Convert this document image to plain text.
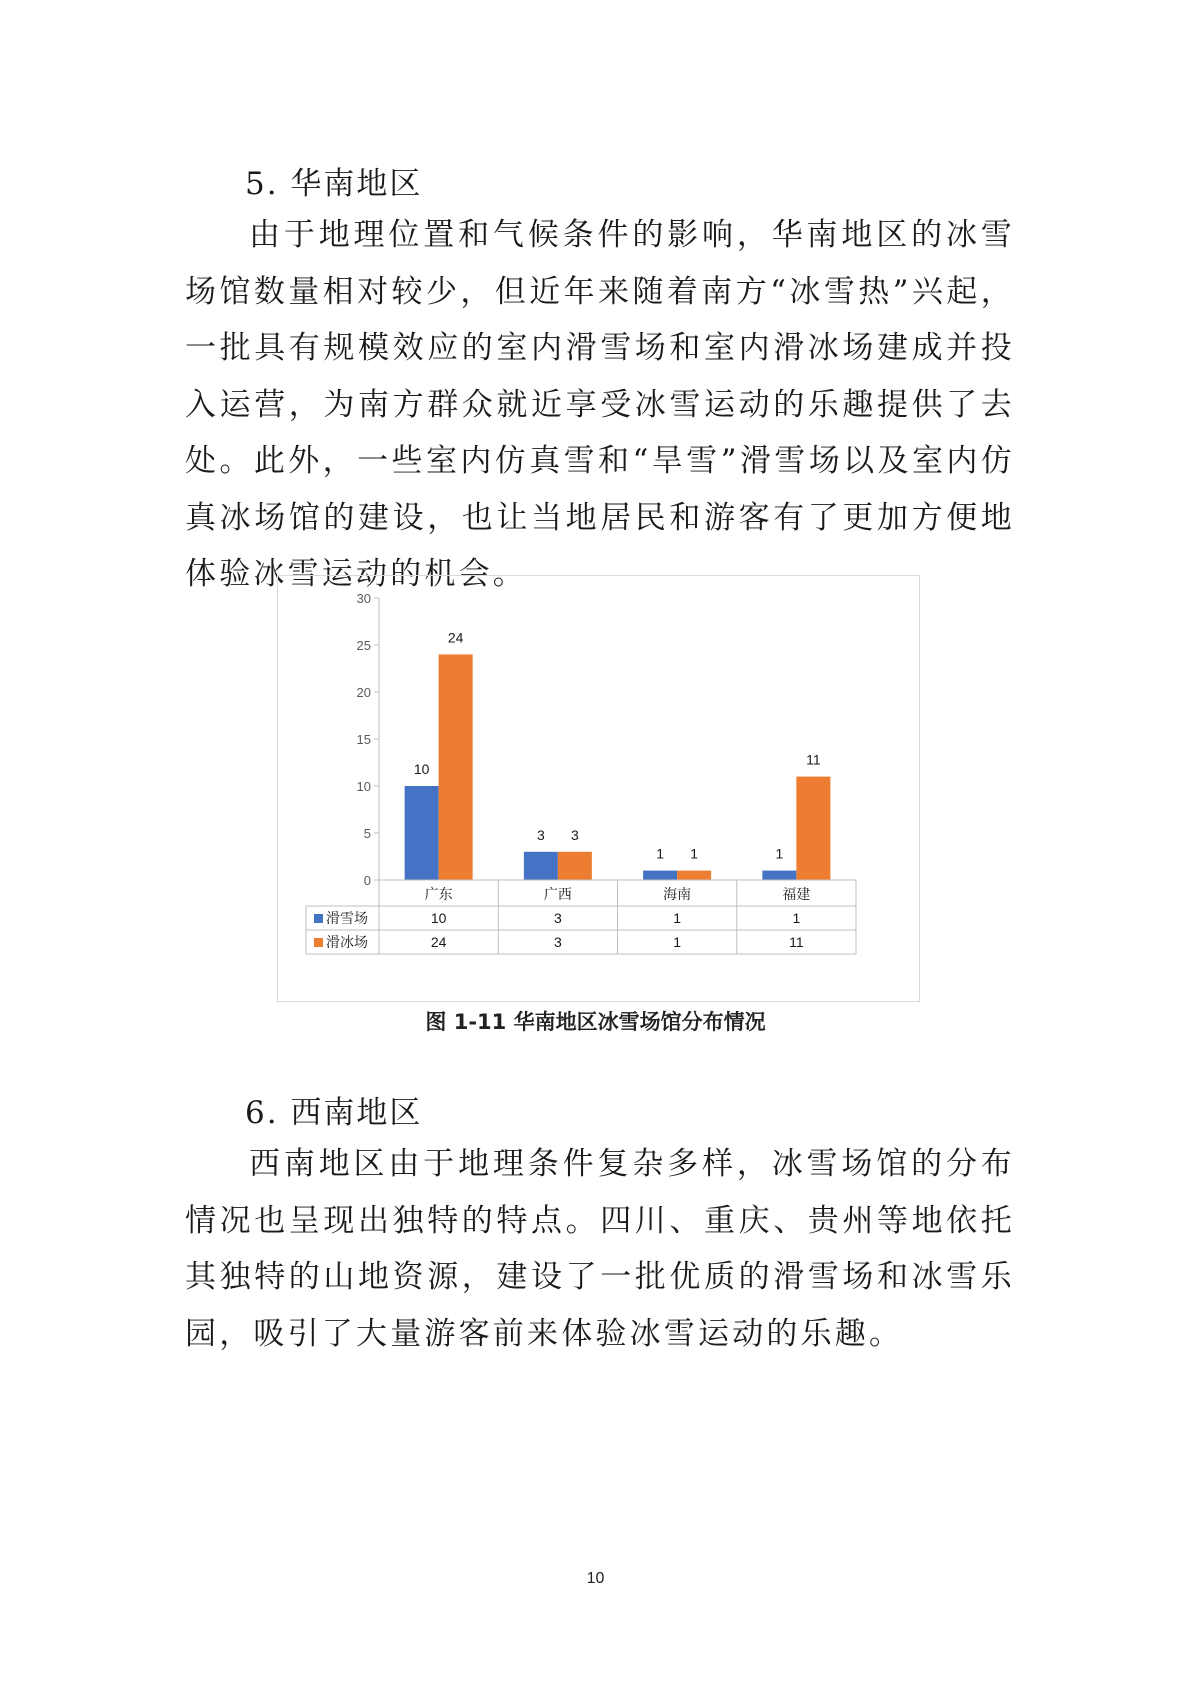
5. 华南地区

由于地理位置和气候条件的影响，华南地区的冰雪场馆数量相对较少，但近年来随着南方“冰雪热”兴起，一批具有规模效应的室内滑雪场和室内滑冰场建成并投入运营，为南方群众就近享受冰雪运动的乐趣提供了去处。此外，一些室内仿真雪和“旱雪”滑雪场以及室内仿真冰场馆的建设，也让当地居民和游客有了更加方便地体验冰雪运动的机会。

0
5
10
15
20
25
30
10
24
3 3
1 1	1
11
广东	广西	海南	福建
滑雪场	10	3	1	1
滑冰场	24	3	1	11
图 1-11 华南地区冰雪场馆分布情况
6. 西南地区

西南地区由于地理条件复杂多样，冰雪场馆的分布情况也呈现出独特的特点。四川、重庆、贵州等地依托其独特的山地资源，建设了一批优质的滑雪场和冰雪乐园，吸引了大量游客前来体验冰雪运动的乐趣。

10
